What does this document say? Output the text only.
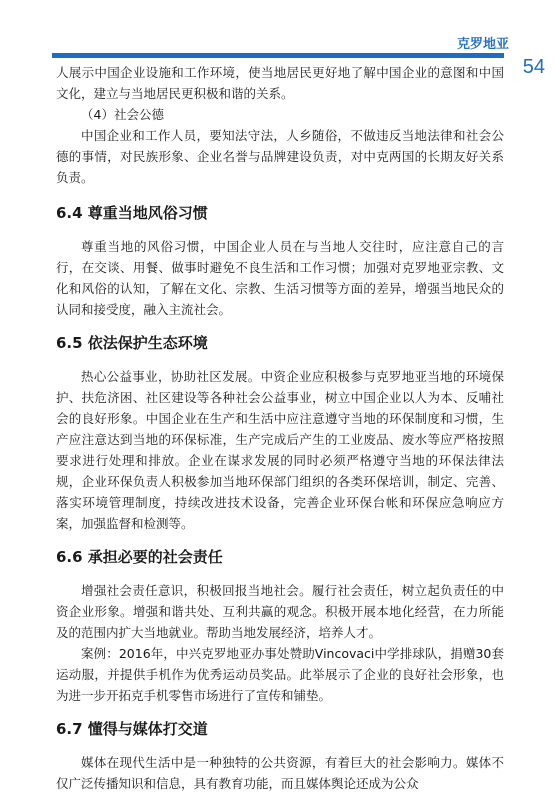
克罗地亚
54

人展示中国企业设施和工作环境，使当地居民更好地了解中国企业的意图和中国文化，建立与当地居民更积极和谐的关系。

（4）社会公德

中国企业和工作人员，要知法守法，人乡随俗，不做违反当地法律和社会公德的事情，对民族形象、企业名誉与品牌建设负责，对中克两国的长期友好关系负责。

6.4 尊重当地风俗习惯

尊重当地的风俗习惯，中国企业人员在与当地人交往时，应注意自己的言行，在交谈、用餐、做事时避免不良生活和工作习惯；加强对克罗地亚宗教、文化和风俗的认知，了解在文化、宗教、生活习惯等方面的差异，增强当地民众的认同和接受度，融入主流社会。

6.5 依法保护生态环境

热心公益事业，协助社区发展。中资企业应积极参与克罗地亚当地的环境保护、扶危济困、社区建设等各种社会公益事业，树立中国企业以人为本、反哺社会的良好形象。中国企业在生产和生活中应注意遵守当地的环保制度和习惯，生产应注意达到当地的环保标准，生产完成后产生的工业废品、废水等应严格按照要求进行处理和排放。企业在谋求发展的同时必须严格遵守当地的环保法律法规，企业环保负责人积极参加当地环保部门组织的各类环保培训，制定、完善、落实环境管理制度，持续改进技术设备，完善企业环保台帐和环保应急响应方案，加强监督和检测等。

6.6 承担必要的社会责任

增强社会责任意识，积极回报当地社会。履行社会责任，树立起负责任的中资企业形象。增强和谐共处、互利共赢的观念。积极开展本地化经营，在力所能及的范围内扩大当地就业。帮助当地发展经济，培养人才。

案例：2016年，中兴克罗地亚办事处赞助Vincovaci中学排球队，捐赠30套运动服，并提供手机作为优秀运动员奖品。此举展示了企业的良好社会形象，也为进一步开拓克手机零售市场进行了宣传和铺垫。

6.7 懂得与媒体打交道

媒体在现代生活中是一种独特的公共资源，有着巨大的社会影响力。媒体不仅广泛传播知识和信息，具有教育功能，而且媒体舆论还成为公众
